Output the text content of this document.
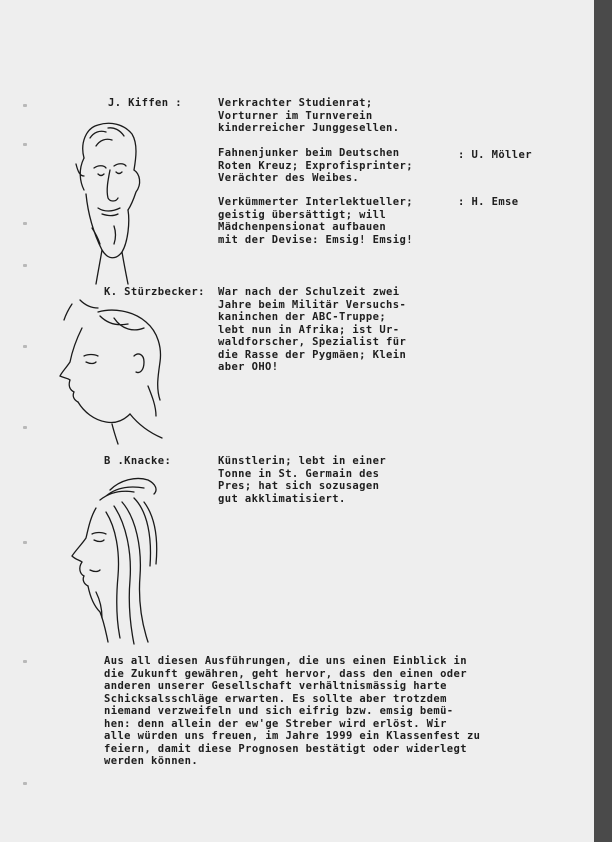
J. Kiffen :	Verkrachter Studienrat;
Vorturner im Turnverein
kinderreicher Junggesellen.

Fahnenjunker beim Deutschen
Roten Kreuz; Exprofisprinter;
Verächter des Weibes.

: U. Möller

Verkümmerter Interlektueller;
geistig übersättigt; will
Mädchenpensionat aufbauen
mit der Devise: Emsig! Emsig!

: H. Emse

K. Stürzbecker: War nach der Schulzeit zwei
Jahre beim Militär Versuchs-
kaninchen der ABC-Truppe;
lebt nun in Afrika; ist Ur-
waldforscher, Spezialist für
die Rasse der Pygmäen; Klein
aber OHO!

B .Knacke:	Künstlerin; lebt in einer
Tonne in St. Germain des
Pres; hat sich sozusagen
gut akklimatisiert.

Aus all diesen Ausführungen, die uns einen Einblick in
die Zukunft gewähren, geht hervor, dass den einen oder
anderen unserer Gesellschaft verhältnismässig harte
Schicksalsschläge erwarten. Es sollte aber trotzdem
niemand verzweifeln und sich eifrig bzw. emsig bemü-
hen: denn allein der ew'ge Streber wird erlöst. Wir
alle würden uns freuen, im Jahre 1999 ein Klassenfest zu
feiern, damit diese Prognosen bestätigt oder widerlegt
werden können.
